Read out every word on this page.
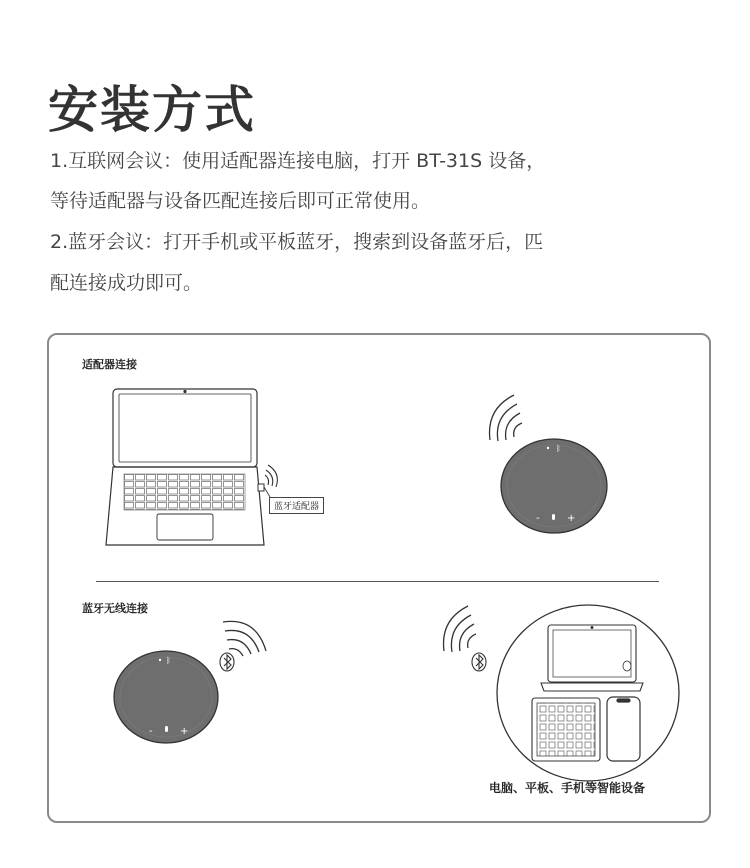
安装方式

1.互联网会议：使用适配器连接电脑，打开 BT-31S 设备，

等待适配器与设备匹配连接后即可正常使用。

2.蓝牙会议：打开手机或平板蓝牙，搜索到设备蓝牙后，匹

配连接成功即可。

适配器连接
蓝牙无线连接
ᛒ
-	+
ᛒ
-	+
蓝牙适配器
电脑、平板、手机等智能设备
